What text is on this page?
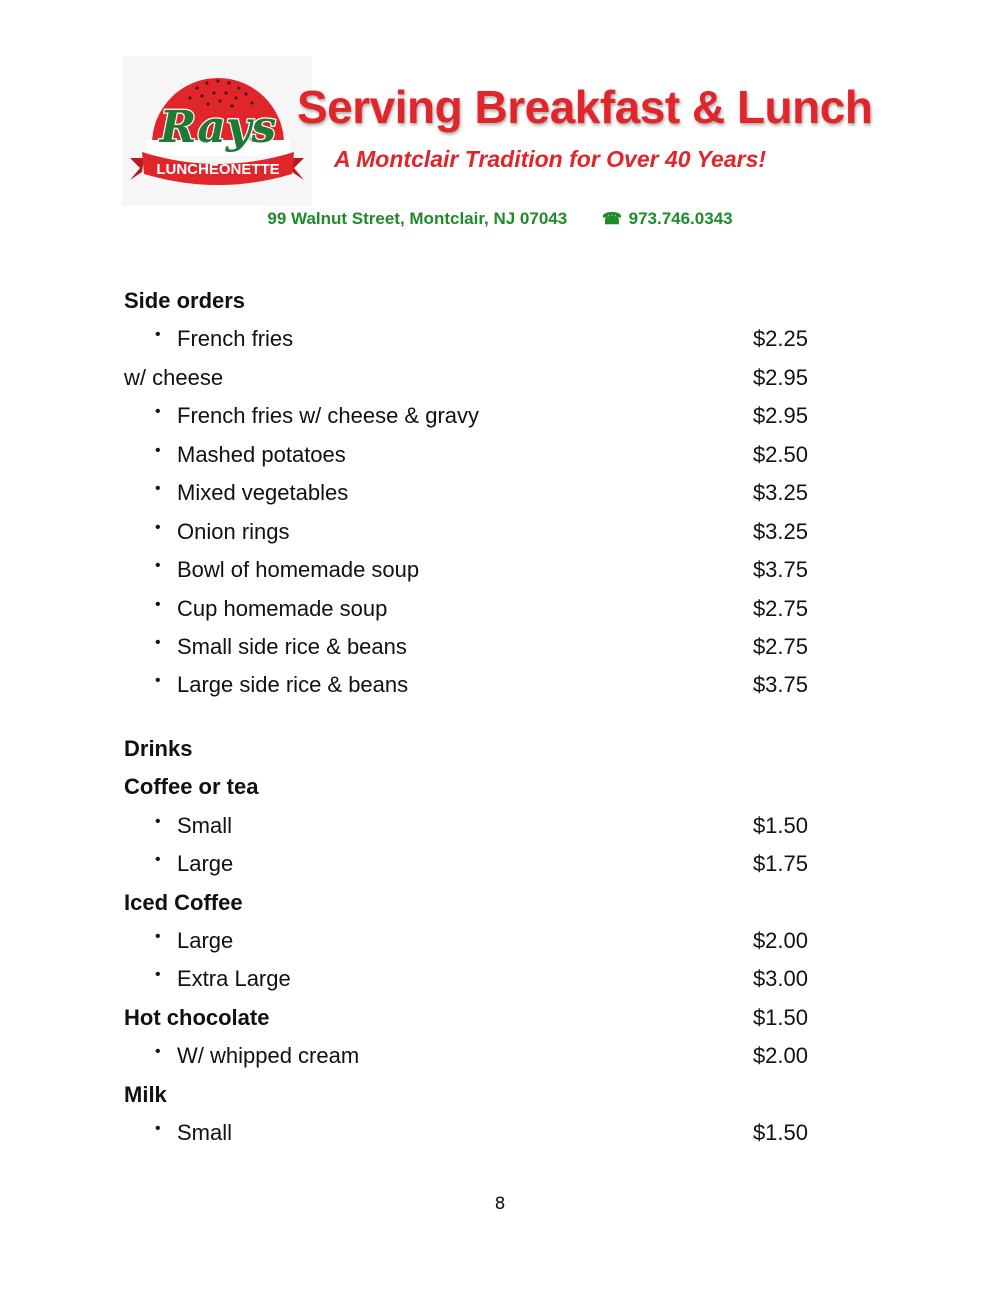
Rays
LUNCHEONETTE
Serving Breakfast & Lunch

A Montclair Tradition for Over 40 Years!

99 Walnut Street, Montclair, NJ 07043 ☎ 973.746.0343
Side orders
• French fries	$2.25
w/ cheese	$2.95
• French fries w/ cheese & gravy	$2.95
• Mashed potatoes	$2.50
• Mixed vegetables	$3.25
• Onion rings	$3.25
• Bowl of homemade soup	$3.75
• Cup homemade soup	$2.75
• Small side rice & beans	$2.75
• Large side rice & beans	$3.75
Drinks
Coffee or tea
• Small	$1.50
• Large	$1.75
Iced Coffee
• Large	$2.00
• Extra Large	$3.00
Hot chocolate	$1.50
• W/ whipped cream	$2.00
Milk
• Small	$1.50
8
